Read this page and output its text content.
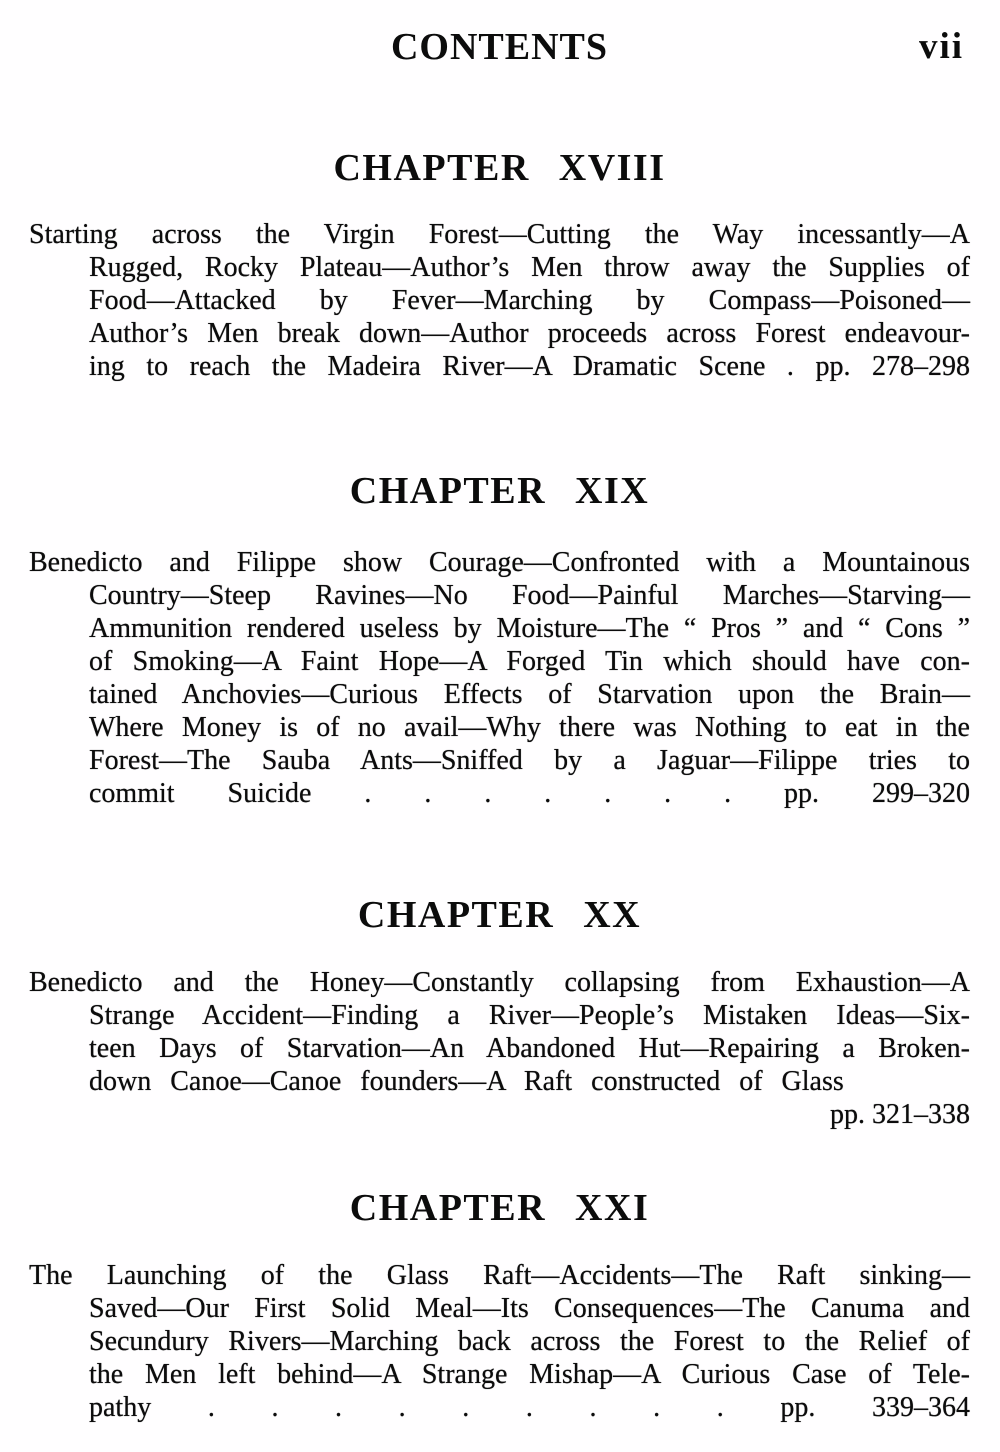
CONTENTS	vii
CHAPTER XVIII

Starting across the Virgin Forest—Cutting the Way incessantly—A
Rugged, Rocky Plateau—Author’s Men throw away the Supplies of
Food—Attacked by Fever—Marching by Compass—Poisoned—
Author’s Men break down—Author proceeds across Forest endeavour-
ing to reach the Madeira River—A Dramatic Scene . pp. 278–298

CHAPTER XIX

Benedicto and Filippe show Courage—Confronted with a Mountainous
Country—Steep Ravines—No Food—Painful Marches—Starving—
Ammunition rendered useless by Moisture—The “ Pros ” and “ Cons ”
of Smoking—A Faint Hope—A Forged Tin which should have con-
tained Anchovies—Curious Effects of Starvation upon the Brain—
Where Money is of no avail—Why there was Nothing to eat in the
Forest—The Sauba Ants—Sniffed by a Jaguar—Filippe tries to
commit Suicide . . . . . . . pp. 299–320

CHAPTER XX

Benedicto and the Honey—Constantly collapsing from Exhaustion—A
Strange Accident—Finding a River—People’s Mistaken Ideas—Six-
teen Days of Starvation—An Abandoned Hut—Repairing a Broken-
down Canoe—Canoe founders—A Raft constructed of Glass
pp. 321–338

CHAPTER XXI

The Launching of the Glass Raft—Accidents—The Raft sinking—
Saved—Our First Solid Meal—Its Consequences—The Canuma and
Secundury Rivers—Marching back across the Forest to the Relief of
the Men left behind—A Strange Mishap—A Curious Case of Tele-
pathy . . . . . . . . . pp. 339–364
